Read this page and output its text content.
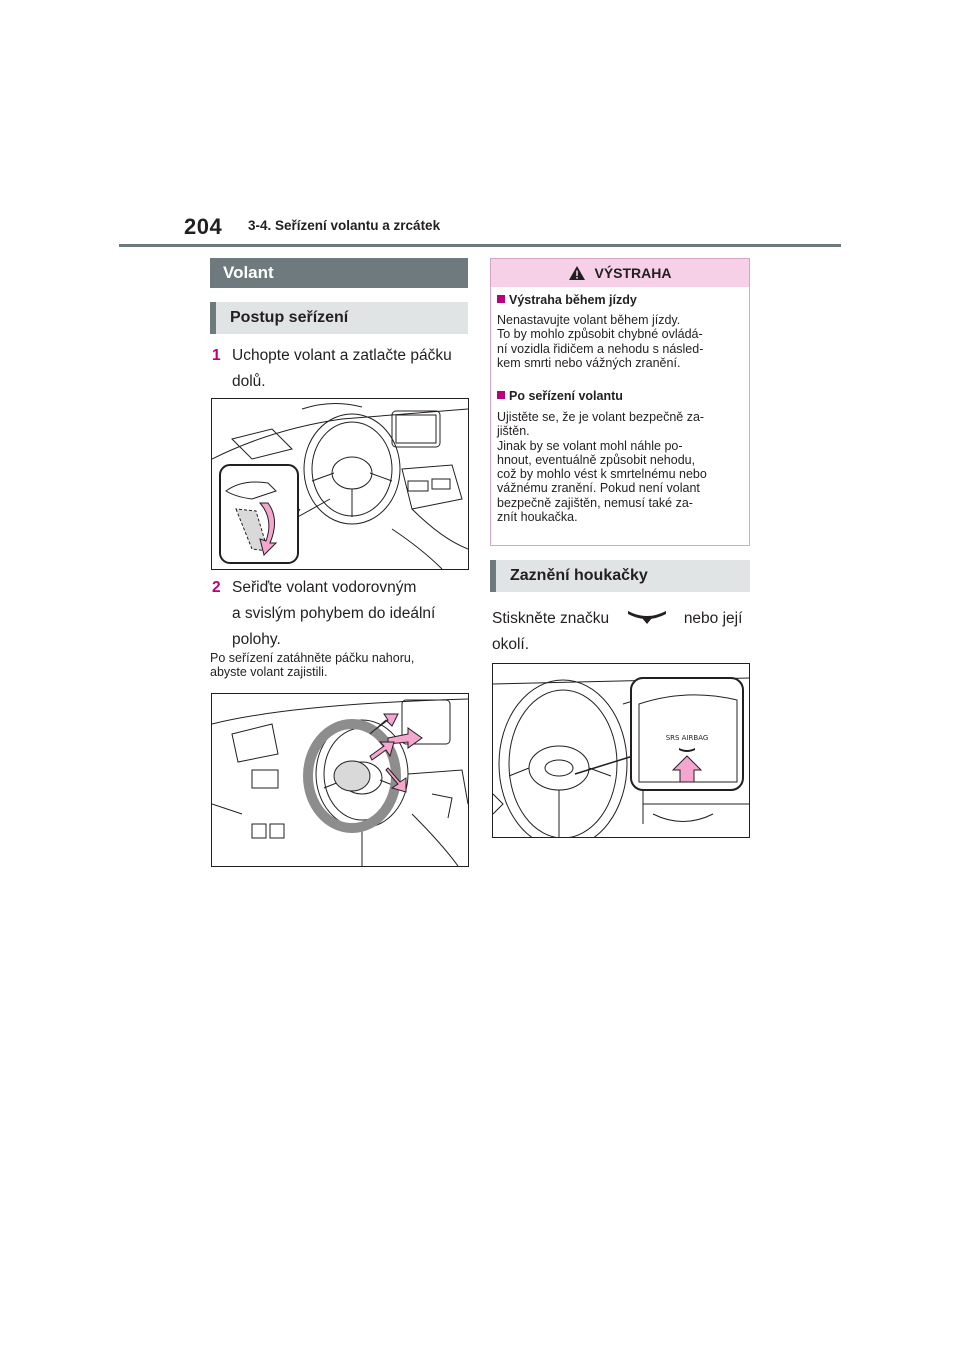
204 3-4. Seřízení volantu a zrcátek
Volant
Postup seřízení
1 Uchopte volant a zatlačte páčku
dolů.
2 Seřiďte volant vodorovným
a svislým pohybem do ideální
polohy.
Po seřízení zatáhněte páčku nahoru,
abyste volant zajistili.
VÝSTRAHA
Výstraha během jízdy
Nenastavujte volant během jízdy.
To by mohlo způsobit chybné ovládá-
ní vozidla řidičem a nehodu s násled-
kem smrti nebo vážných zranění.
Po seřízení volantu
Ujistěte se, že je volant bezpečně za-
jištěn.
Jinak by se volant mohl náhle po-
hnout, eventuálně způsobit nehodu,
což by mohlo vést k smrtelnému nebo
vážnému zranění. Pokud není volant
bezpečně zajištěn, nemusí také za-
znít houkačka.
Zaznění houkačky
Stiskněte značku	nebo její
okolí.
SRS AIRBAG
